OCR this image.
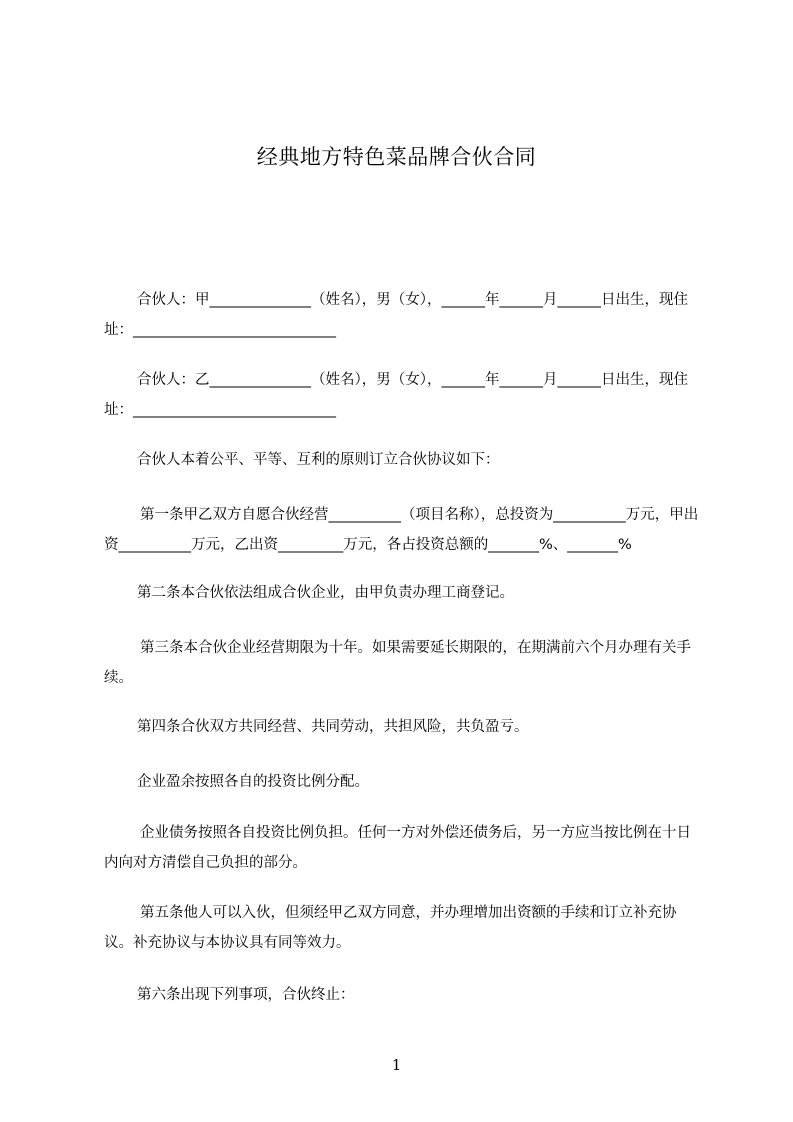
经典地方特色菜品牌合伙合同

合伙人：甲______________（姓名），男（女），______年______月______日出生，现住址：____________________________

合伙人：乙______________（姓名），男（女），______年______月______日出生，现住址：____________________________

合伙人本着公平、平等、互利的原则订立合伙协议如下：

第一条甲乙双方自愿合伙经营__________（项目名称），总投资为__________万元，甲出资__________万元，乙出资_________万元，各占投资总额的_______%、_______%

第二条本合伙依法组成合伙企业，由甲负责办理工商登记。

第三条本合伙企业经营期限为十年。如果需要延长期限的，在期满前六个月办理有关手续。

第四条合伙双方共同经营、共同劳动，共担风险，共负盈亏。

企业盈余按照各自的投资比例分配。

企业债务按照各自投资比例负担。任何一方对外偿还债务后，另一方应当按比例在十日内向对方清偿自己负担的部分。

第五条他人可以入伙，但须经甲乙双方同意，并办理增加出资额的手续和订立补充协议。补充协议与本协议具有同等效力。

第六条出现下列事项，合伙终止：

1
